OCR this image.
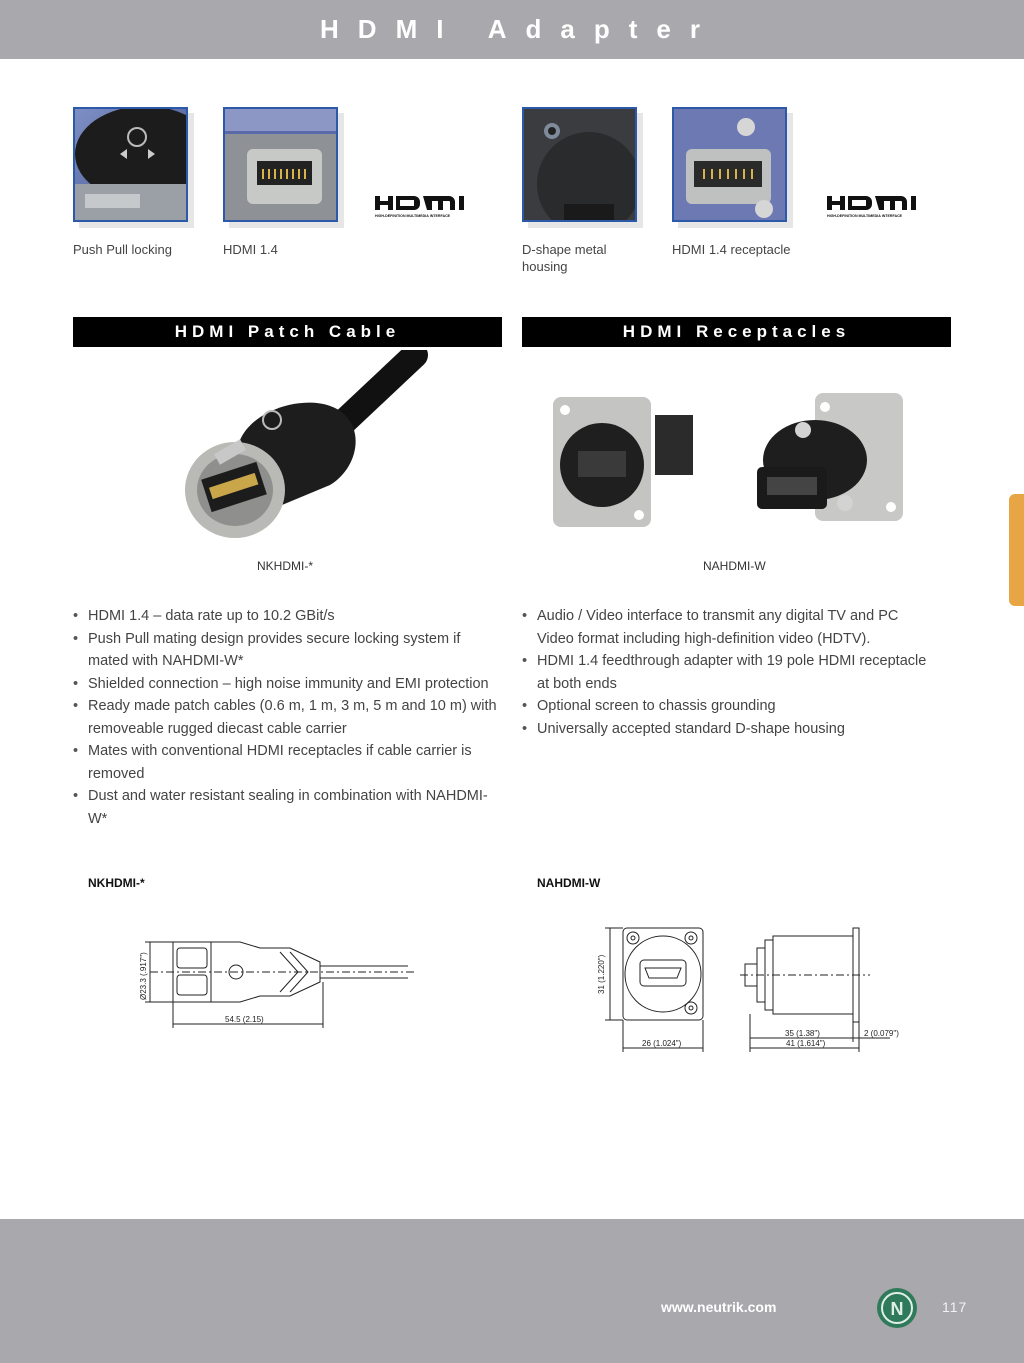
HDMI Adapter
HIGH-DEFINITION MULTIMEDIA INTERFACE	HIGH-DEFINITION MULTIMEDIA INTERFACE
Push Pull locking	HDMI 1.4	D-shape metal housing
HDMI 1.4 receptacle
HDMI Patch Cable	HDMI Receptacles
NKHDMI-*	NAHDMI-W
• HDMI 1.4 – data rate up to 10.2 GBit/s
• Push Pull mating design provides secure locking system if mated with NAHDMI-W*
• Shielded connection – high noise immunity and EMI protection
• Ready made patch cables (0.6 m, 1 m, 3 m, 5 m and 10 m) with removeable rugged diecast cable carrier
• Mates with conventional HDMI receptacles if cable carrier is removed
• Dust and water resistant sealing in combination with NAHDMI-W*
• Audio / Video interface to transmit any digital TV and PC Video format including high-definition video (HDTV).
• HDMI 1.4 feedthrough adapter with 19 pole HDMI receptacle at both ends
• Optional screen to chassis grounding
• Universally accepted standard D-shape housing
NKHDMI-*	NAHDMI-W
Ø23.3 (.917")
54.5 (2.15)
31 (1.220")
26 (1.024")
35 (1.38")	2 (0.079")
41 (1.614")
www.neutrik.com	N	117
